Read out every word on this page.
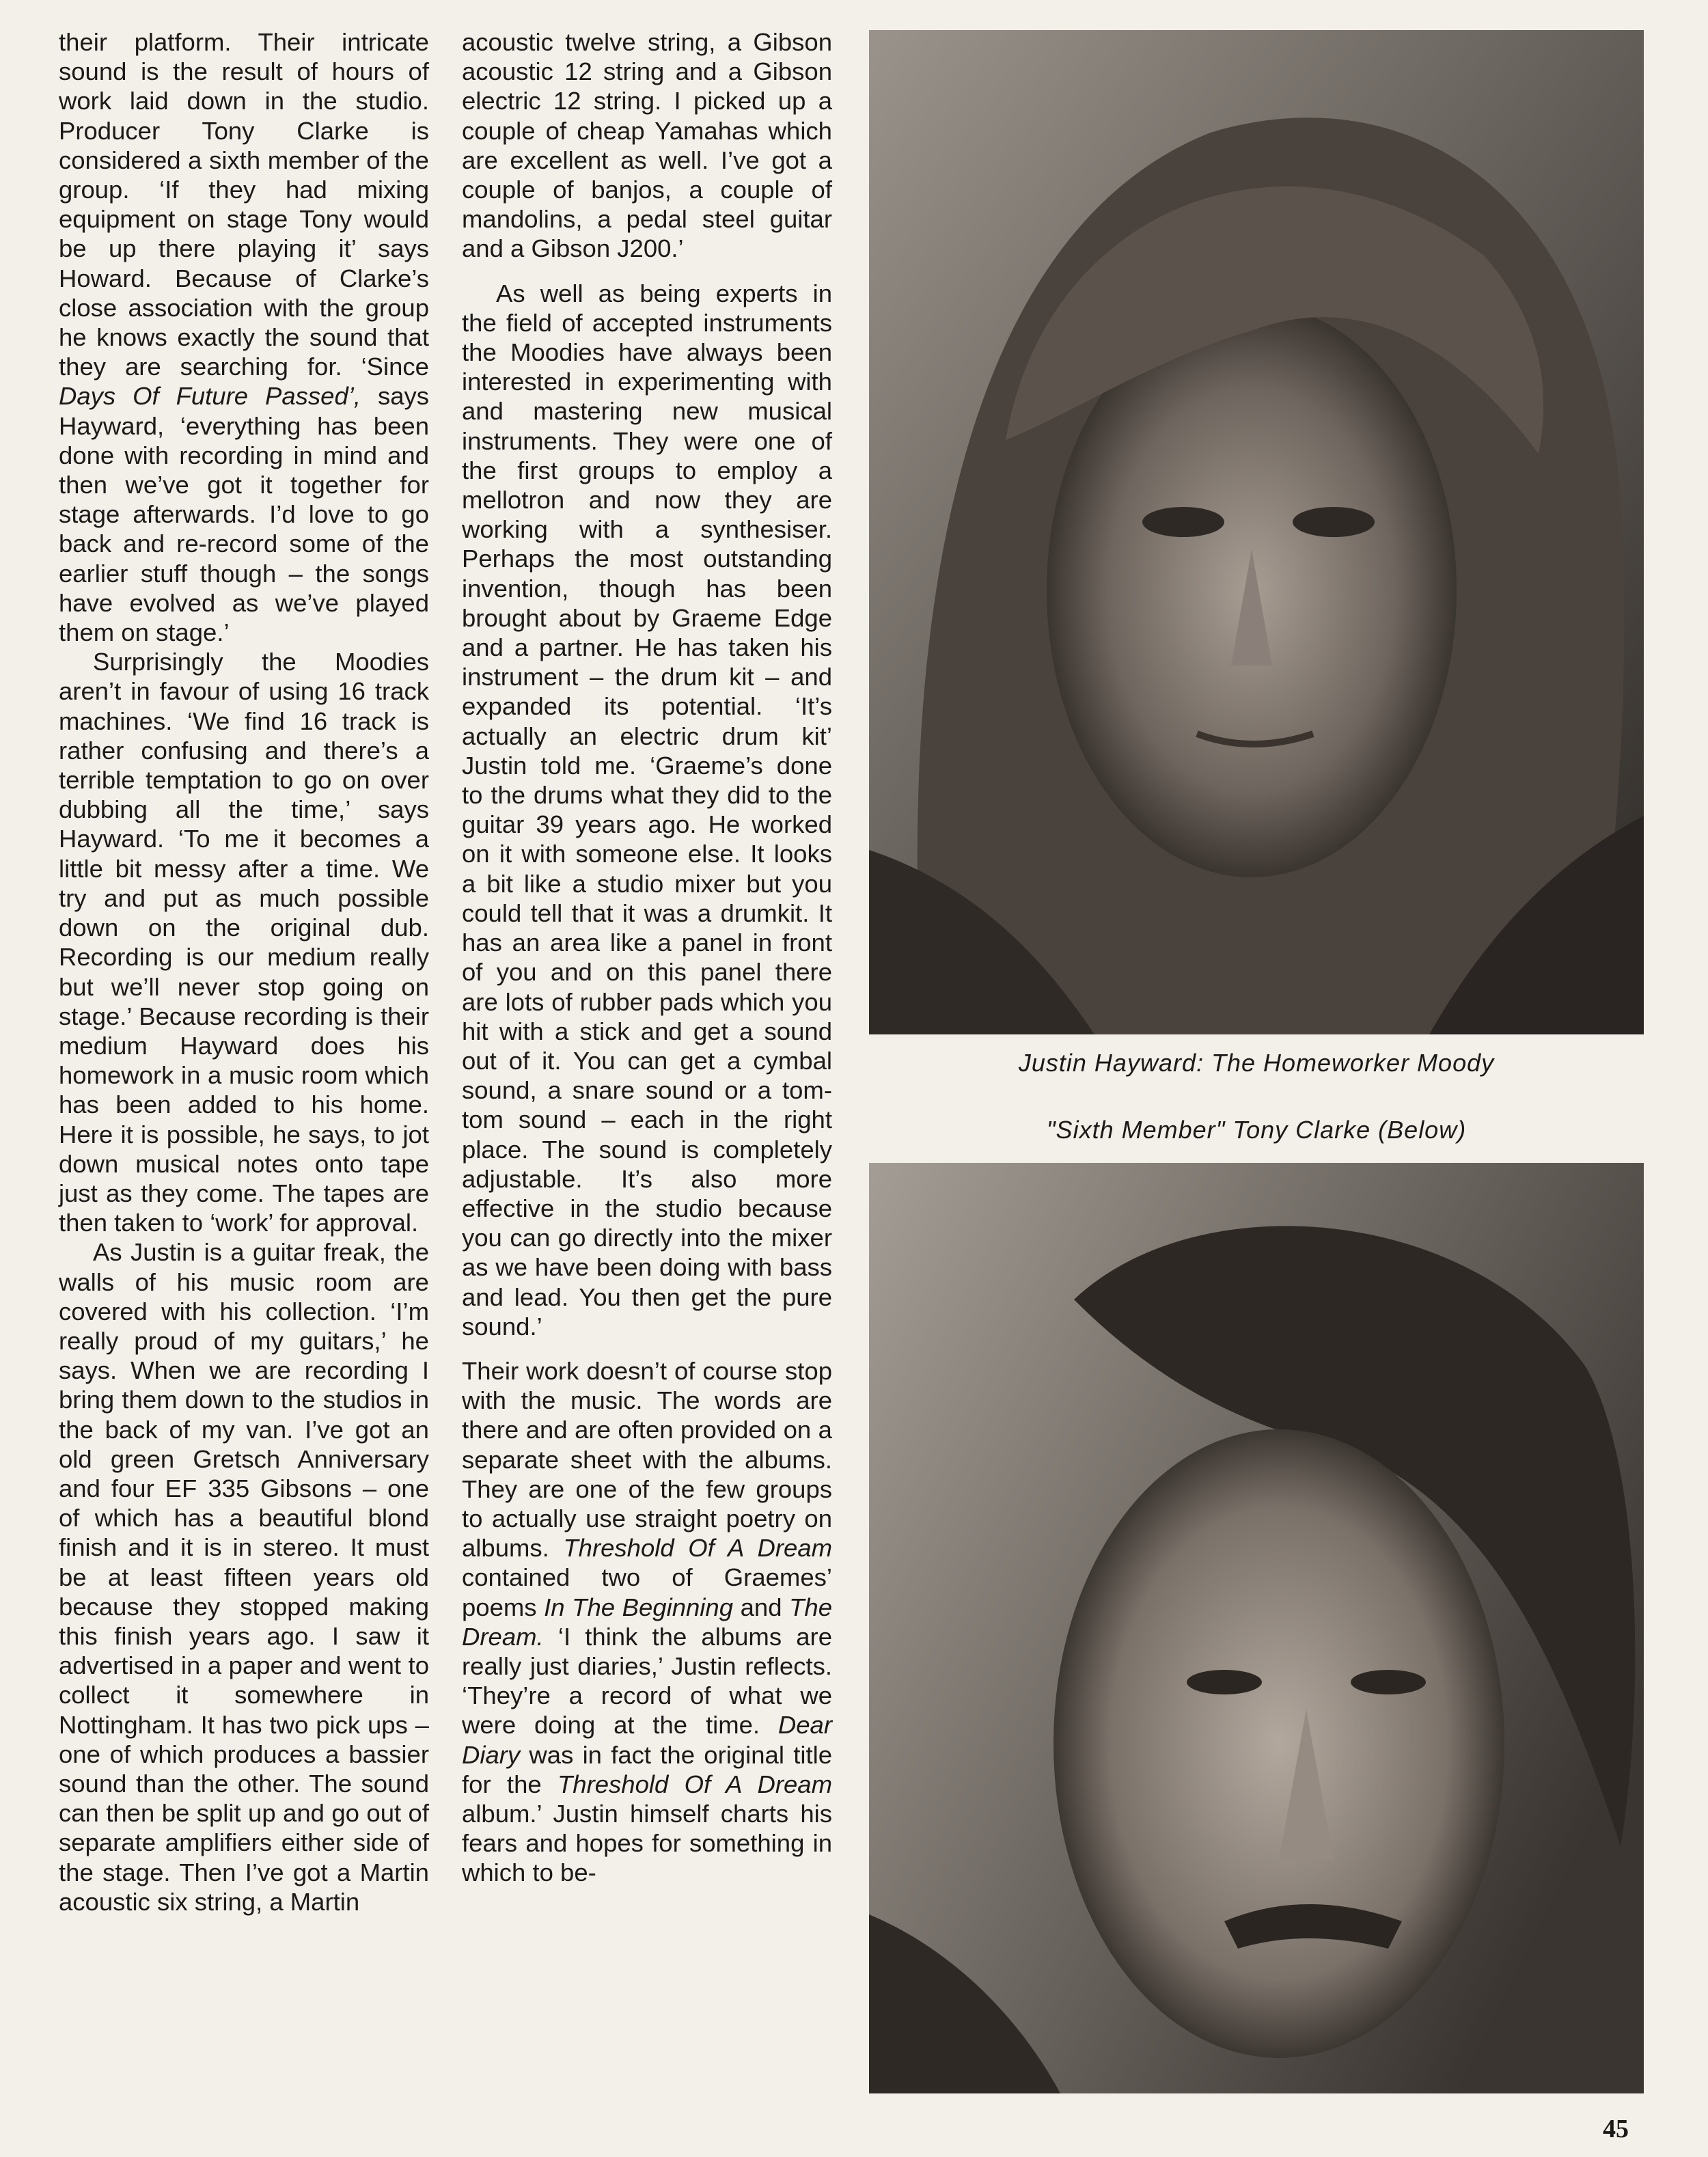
their platform. Their intricate sound is the result of hours of work laid down in the studio. Producer Tony Clarke is considered a sixth member of the group. ‘If they had mixing equipment on stage Tony would be up there playing it’ says Howard. Because of Clarke’s close association with the group he knows exactly the sound that they are searching for. ‘Since Days Of Future Passed’, says Hayward, ‘everything has been done with recording in mind and then we’ve got it together for stage afterwards. I’d love to go back and re-record some of the earlier stuff though – the songs have evolved as we’ve played them on stage.’

Surprisingly the Moodies aren’t in favour of using 16 track machines. ‘We find 16 track is rather confusing and there’s a terrible temptation to go on over dubbing all the time,’ says Hayward. ‘To me it becomes a little bit messy after a time. We try and put as much possible down on the original dub. Recording is our medium really but we’ll never stop going on stage.’ Because recording is their medium Hayward does his homework in a music room which has been added to his home. Here it is possible, he says, to jot down musical notes onto tape just as they come. The tapes are then taken to ‘work’ for approval.

As Justin is a guitar freak, the walls of his music room are covered with his collection. ‘I’m really proud of my guitars,’ he says. When we are recording I bring them down to the studios in the back of my van. I’ve got an old green Gretsch Anniversary and four EF 335 Gibsons – one of which has a beautiful blond finish and it is in stereo. It must be at least fifteen years old because they stopped making this finish years ago. I saw it advertised in a paper and went to collect it somewhere in Nottingham. It has two pick ups – one of which produces a bassier sound than the other. The sound can then be split up and go out of separate amplifiers either side of the stage. Then I’ve got a Martin acoustic six string, a Martin

acoustic twelve string, a Gibson acoustic 12 string and a Gibson electric 12 string. I picked up a couple of cheap Yamahas which are excellent as well. I’ve got a couple of banjos, a couple of mandolins, a pedal steel guitar and a Gibson J200.’

As well as being experts in the field of accepted instruments the Moodies have always been interested in experimenting with and mastering new musical instruments. They were one of the first groups to employ a mellotron and now they are working with a synthesiser. Perhaps the most outstanding invention, though has been brought about by Graeme Edge and a partner. He has taken his instrument – the drum kit – and expanded its potential. ‘It’s actually an electric drum kit’ Justin told me. ‘Graeme’s done to the drums what they did to the guitar 39 years ago. He worked on it with someone else. It looks a bit like a studio mixer but you could tell that it was a drumkit. It has an area like a panel in front of you and on this panel there are lots of rubber pads which you hit with a stick and get a sound out of it. You can get a cymbal sound, a snare sound or a tom-tom sound – each in the right place. The sound is completely adjustable. It’s also more effective in the studio because you can go directly into the mixer as we have been doing with bass and lead. You then get the pure sound.’

Their work doesn’t of course stop with the music. The words are there and are often provided on a separate sheet with the albums. They are one of the few groups to actually use straight poetry on albums. Threshold Of A Dream contained two of Graemes’ poems In The Beginning and The Dream. ‘I think the albums are really just diaries,’ Justin reflects. ‘They’re a record of what we were doing at the time. Dear Diary was in fact the original title for the Threshold Of A Dream album.’ Justin himself charts his fears and hopes for something in which to be-

Justin Hayward: The Homeworker Moody
"Sixth Member" Tony Clarke (Below)
45
